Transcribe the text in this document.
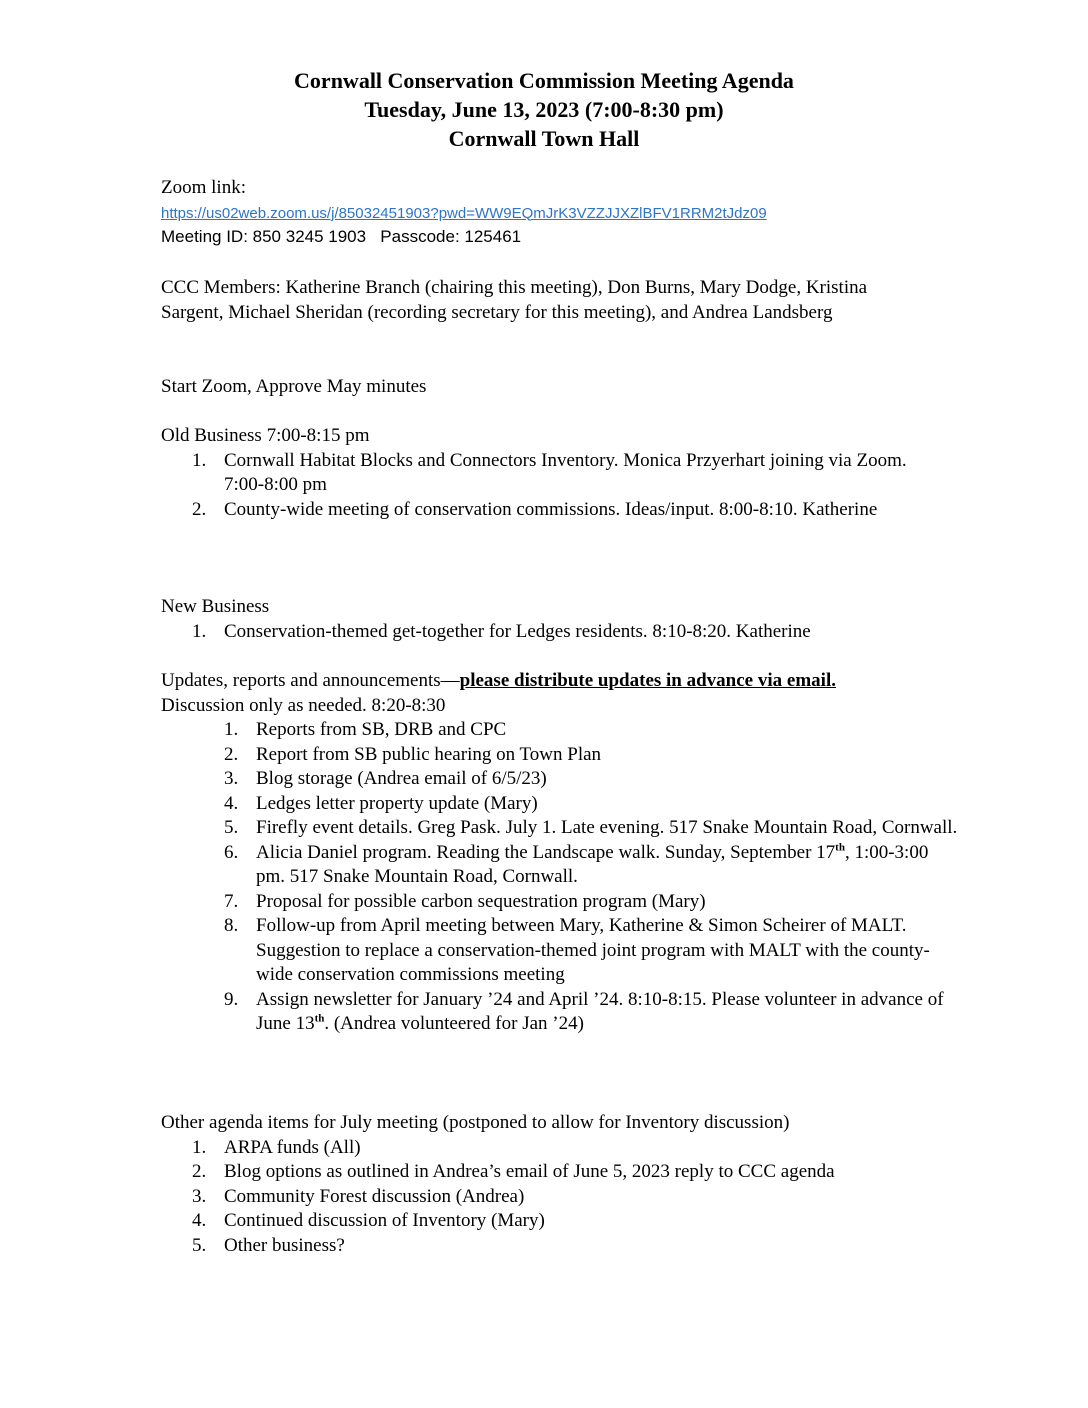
Cornwall Conservation Commission Meeting Agenda
Tuesday, June 13, 2023 (7:00-8:30 pm)
Cornwall Town Hall
Zoom link:
https://us02web.zoom.us/j/85032451903?pwd=WW9EQmJrK3VZZJJXZlBFV1RRM2tJdz09
Meeting ID: 850 3245 1903 Passcode: 125461
CCC Members: Katherine Branch (chairing this meeting), Don Burns, Mary Dodge, Kristina Sargent, Michael Sheridan (recording secretary for this meeting), and Andrea Landsberg
Start Zoom, Approve May minutes
Old Business 7:00-8:15 pm
1. Cornwall Habitat Blocks and Connectors Inventory. Monica Przyerhart joining via Zoom. 7:00-8:00 pm
2. County-wide meeting of conservation commissions. Ideas/input. 8:00-8:10. Katherine
New Business
1. Conservation-themed get-together for Ledges residents. 8:10-8:20. Katherine
Updates, reports and announcements—please distribute updates in advance via email.
Discussion only as needed. 8:20-8:30
1. Reports from SB, DRB and CPC
2. Report from SB public hearing on Town Plan
3. Blog storage (Andrea email of 6/5/23)
4. Ledges letter property update (Mary)
5. Firefly event details. Greg Pask. July 1. Late evening. 517 Snake Mountain Road, Cornwall.
6. Alicia Daniel program. Reading the Landscape walk. Sunday, September 17th, 1:00-3:00 pm. 517 Snake Mountain Road, Cornwall.
7. Proposal for possible carbon sequestration program (Mary)
8. Follow-up from April meeting between Mary, Katherine & Simon Scheirer of MALT. Suggestion to replace a conservation-themed joint program with MALT with the county-wide conservation commissions meeting
9. Assign newsletter for January ’24 and April ’24. 8:10-8:15. Please volunteer in advance of June 13th. (Andrea volunteered for Jan ’24)
Other agenda items for July meeting (postponed to allow for Inventory discussion)
1. ARPA funds (All)
2. Blog options as outlined in Andrea’s email of June 5, 2023 reply to CCC agenda
3. Community Forest discussion (Andrea)
4. Continued discussion of Inventory (Mary)
5. Other business?
